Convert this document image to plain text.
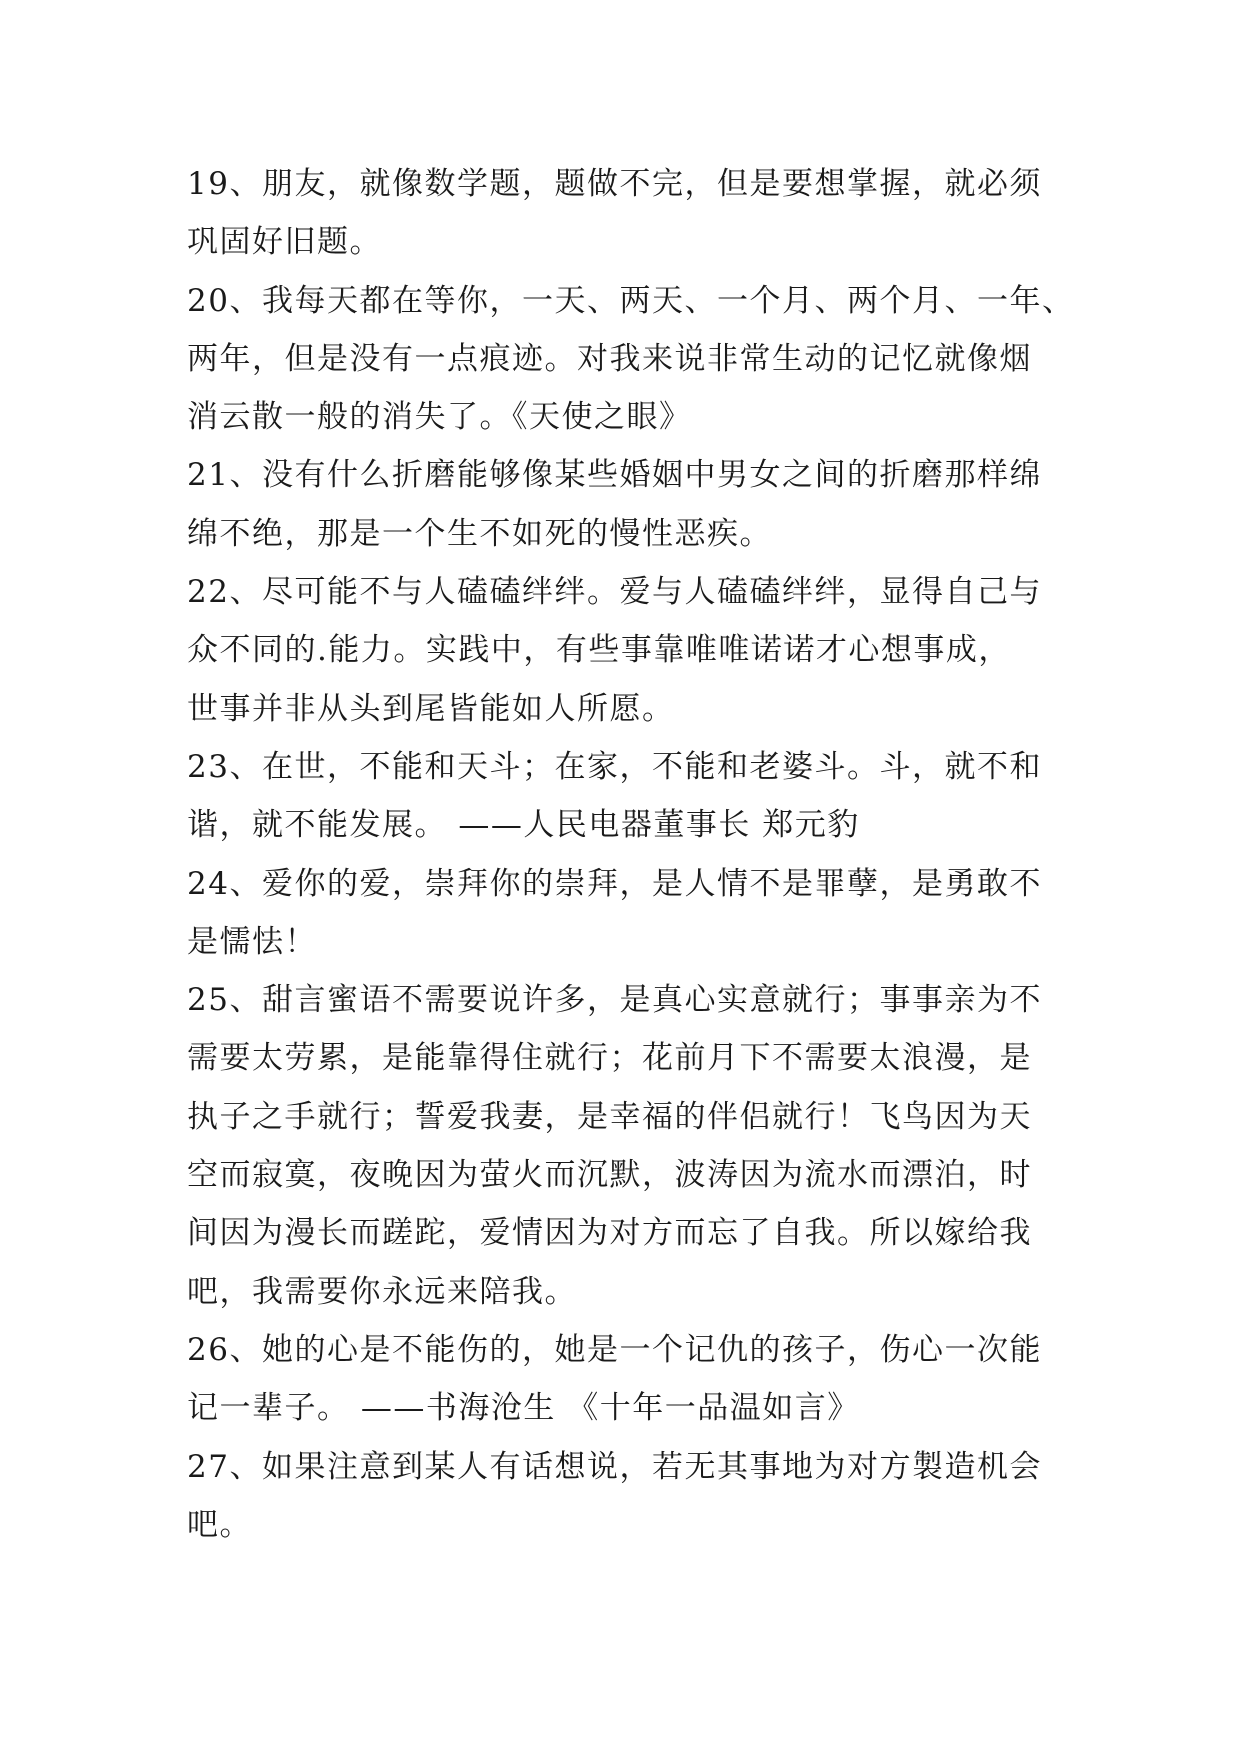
19、朋友，就像数学题，题做不完，但是要想掌握，就必须
巩固好旧题。
20、我每天都在等你，一天、两天、一个月、两个月、一年、
两年，但是没有一点痕迹。对我来说非常生动的记忆就像烟
消云散一般的消失了。《天使之眼》
21、没有什么折磨能够像某些婚姻中男女之间的折磨那样绵
绵不绝，那是一个生不如死的慢性恶疾。
22、尽可能不与人磕磕绊绊。爱与人磕磕绊绊，显得自己与
众不同的.能力。实践中，有些事靠唯唯诺诺才心想事成，
世事并非从头到尾皆能如人所愿。
23、在世，不能和天斗；在家，不能和老婆斗。斗，就不和
谐，就不能发展。 ——人民电器董事长 郑元豹
24、爱你的爱，崇拜你的崇拜，是人情不是罪孽，是勇敢不
是懦怯！
25、甜言蜜语不需要说许多，是真心实意就行；事事亲为不
需要太劳累，是能靠得住就行；花前月下不需要太浪漫，是
执子之手就行；誓爱我妻，是幸福的伴侣就行！飞鸟因为天
空而寂寞，夜晚因为萤火而沉默，波涛因为流水而漂泊，时
间因为漫长而蹉跎，爱情因为对方而忘了自我。所以嫁给我
吧，我需要你永远来陪我。
26、她的心是不能伤的，她是一个记仇的孩子，伤心一次能
记一辈子。 ——书海沧生 《十年一品温如言》
27、如果注意到某人有话想说，若无其事地为对方製造机会
吧。
